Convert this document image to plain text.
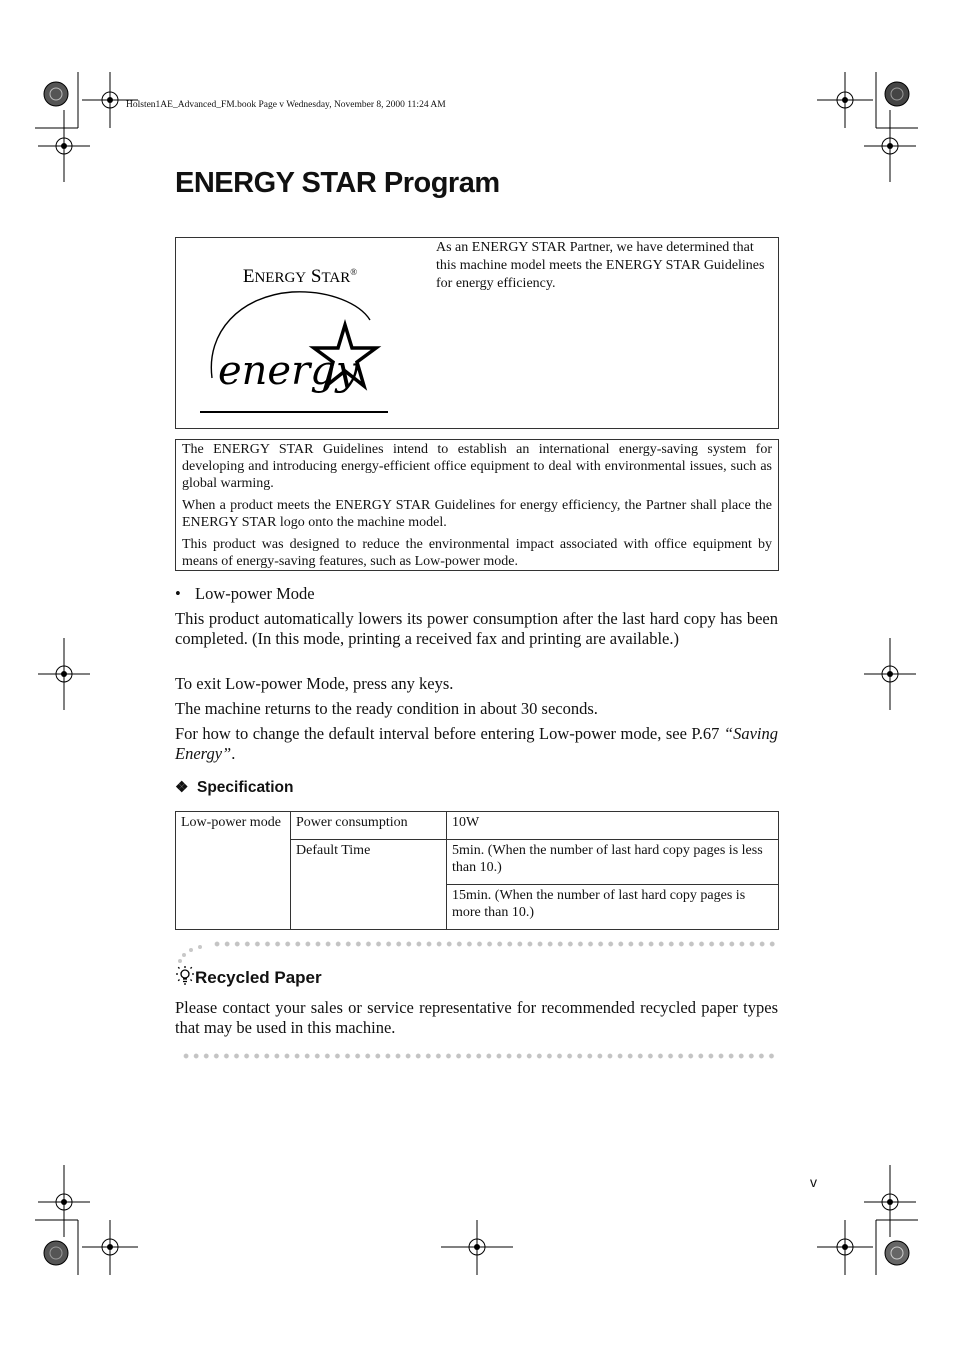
Holsten1AE_Advanced_FM.book Page v Wednesday, November 8, 2000 11:24 AM
ENERGY STAR Program
ENERGY STAR®
energy
As an ENERGY STAR Partner, we have determined that this machine model meets the ENERGY STAR Guidelines for energy efficiency.

The ENERGY STAR Guidelines intend to establish an international energy-saving system for developing and introducing energy-efficient office equipment to deal with environmental issues, such as global warming.

When a product meets the ENERGY STAR Guidelines for energy efficiency, the Partner shall place the ENERGY STAR logo onto the machine model.

This product was designed to reduce the environmental impact associated with office equipment by means of energy-saving features, such as Low-power mode.

• Low-power Mode

This product automatically lowers its power consumption after the last hard copy has been completed. (In this mode, printing a received fax and printing are available.)

To exit Low-power Mode, press any keys.

The machine returns to the ready condition in about 30 seconds.

For how to change the default interval before entering Low-power mode, see P.67 “Saving Energy”.

❖ Specification
Low-power mode	Power consumption	10W
	Default Time	5min. (When the number of last hard copy pages is less than 10.)
		15min. (When the number of last hard copy pages is more than 10.)
Recycled Paper

Please contact your sales or service representative for recommended recycled paper types that may be used in this machine.

v
